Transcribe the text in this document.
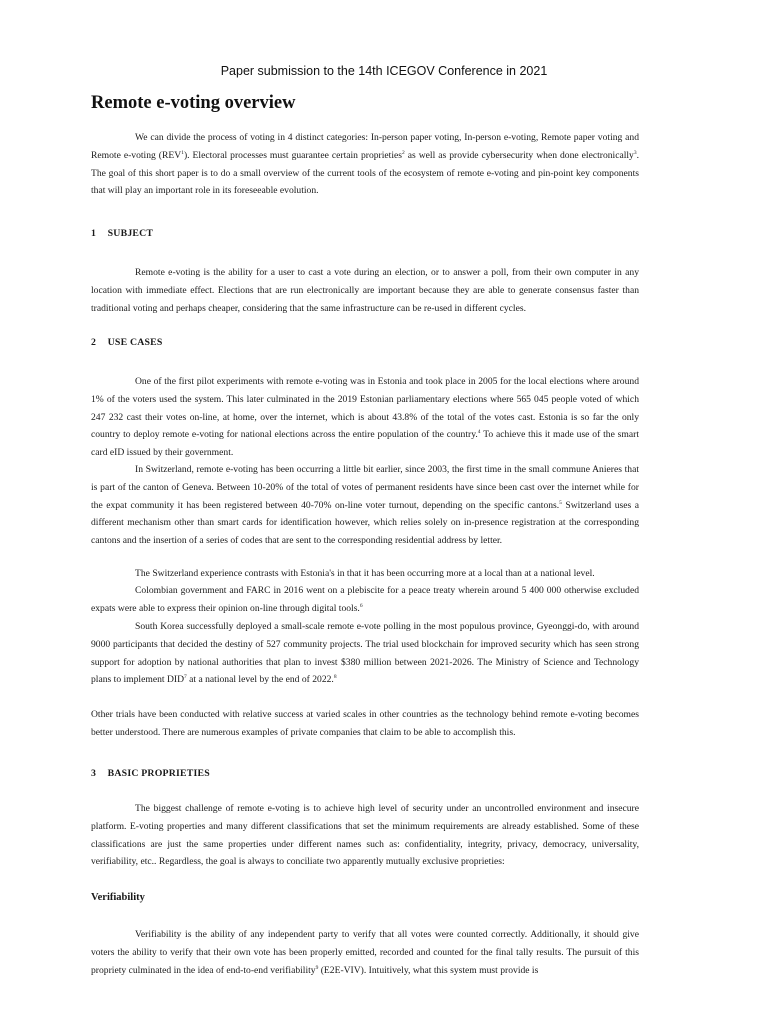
Paper submission to the 14th ICEGOV Conference in 2021
Remote e-voting overview

We can divide the process of voting in 4 distinct categories: In-person paper voting, In-person e-voting, Remote paper voting and Remote e-voting (REV$^1$). Electoral processes must guarantee certain proprieties$^2$ as well as provide cybersecurity when done electronically$^3$. The goal of this short paper is to do a small overview of the current tools of the ecosystem of remote e-voting and pin-point key components that will play an important role in its foreseeable evolution.

1 SUBJECT

Remote e-voting is the ability for a user to cast a vote during an election, or to answer a poll, from their own computer in any location with immediate effect. Elections that are run electronically are important because they are able to generate consensus faster than traditional voting and perhaps cheaper, considering that the same infrastructure can be re-used in different cycles.

2 USE CASES

One of the first pilot experiments with remote e-voting was in Estonia and took place in 2005 for the local elections where around 1% of the voters used the system. This later culminated in the 2019 Estonian parliamentary elections where 565 045 people voted of which 247 232 cast their votes on-line, at home, over the internet, which is about 43.8% of the total of the votes cast. Estonia is so far the only country to deploy remote e-voting for national elections across the entire population of the country.$^4$ To achieve this it made use of the smart card eID issued by their government.

In Switzerland, remote e-voting has been occurring a little bit earlier, since 2003, the first time in the small commune Anieres that is part of the canton of Geneva. Between 10-20% of the total of votes of permanent residents have since been cast over the internet while for the expat community it has been registered between 40-70% on-line voter turnout, depending on the specific cantons.$^5$ Switzerland uses a different mechanism other than smart cards for identification however, which relies solely on in-presence registration at the corresponding cantons and the insertion of a series of codes that are sent to the corresponding residential address by letter.

The Switzerland experience contrasts with Estonia's in that it has been occurring more at a local than at a national level.

Colombian government and FARC in 2016 went on a plebiscite for a peace treaty wherein around 5 400 000 otherwise excluded expats were able to express their opinion on-line through digital tools.$^6$

South Korea successfully deployed a small-scale remote e-vote polling in the most populous province, Gyeonggi-do, with around 9000 participants that decided the destiny of 527 community projects. The trial used blockchain for improved security which has seen strong support for adoption by national authorities that plan to invest $380 million between 2021-2026. The Ministry of Science and Technology plans to implement DID$^7$ at a national level by the end of 2022.$^8$

Other trials have been conducted with relative success at varied scales in other countries as the technology behind remote e-voting becomes better understood. There are numerous examples of private companies that claim to be able to accomplish this.

3 BASIC PROPRIETIES

The biggest challenge of remote e-voting is to achieve high level of security under an uncontrolled environment and insecure platform. E-voting properties and many different classifications that set the minimum requirements are already established. Some of these classifications are just the same properties under different names such as: confidentiality, integrity, privacy, democracy, universality, verifiability, etc.. Regardless, the goal is always to conciliate two apparently mutually exclusive proprieties:

Verifiability

Verifiability is the ability of any independent party to verify that all votes were counted correctly. Additionally, it should give voters the ability to verify that their own vote has been properly emitted, recorded and counted for the final tally results. The pursuit of this propriety culminated in the idea of end-to-end verifiability$^9$ (E2E-VIV). Intuitively, what this system must provide is
